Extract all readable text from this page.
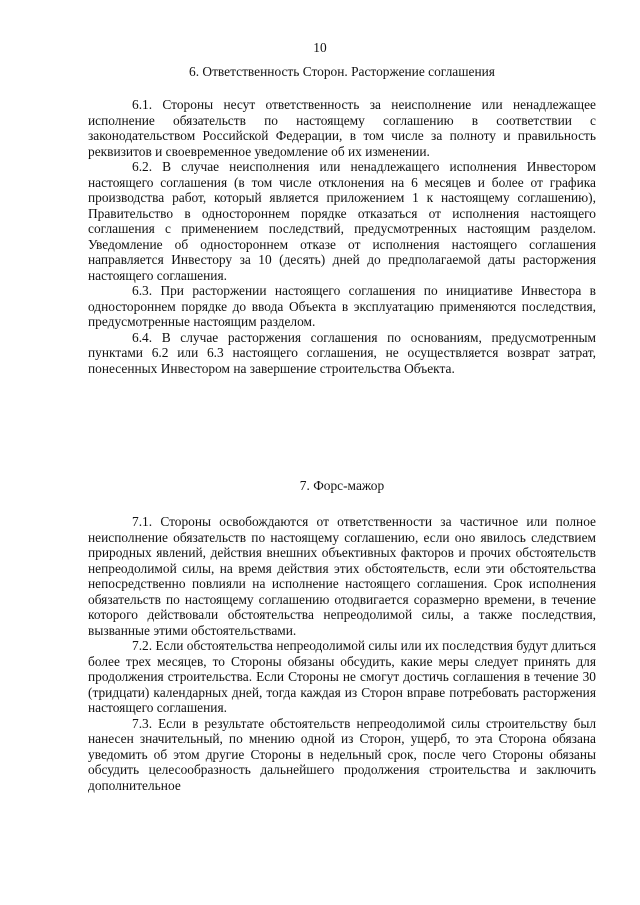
10
6. Ответственность Сторон. Расторжение соглашения

6.1. Стороны несут ответственность за неисполнение или ненадлежащее исполнение обязательств по настоящему соглашению в соответствии с законодательством Российской Федерации, в том числе за полноту и правильность реквизитов и своевременное уведомление об их изменении.

6.2. В случае неисполнения или ненадлежащего исполнения Инвестором настоящего соглашения (в том числе отклонения на 6 месяцев и более от графика производства работ, который является приложением 1 к настоящему соглашению), Правительство в одностороннем порядке отказаться от исполнения настоящего соглашения с применением последствий, предусмотренных настоящим разделом. Уведомление об одностороннем отказе от исполнения настоящего соглашения направляется Инвестору за 10 (десять) дней до предполагаемой даты расторжения настоящего соглашения.

6.3. При расторжении настоящего соглашения по инициативе Инвестора в одностороннем порядке до ввода Объекта в эксплуатацию применяются последствия, предусмотренные настоящим разделом.

6.4. В случае расторжения соглашения по основаниям, предусмотренным пунктами 6.2 или 6.3 настоящего соглашения, не осуществляется возврат затрат, понесенных Инвестором на завершение строительства Объекта.

7. Форс-мажор

7.1. Стороны освобождаются от ответственности за частичное или полное неисполнение обязательств по настоящему соглашению, если оно явилось следствием природных явлений, действия внешних объективных факторов и прочих обстоятельств непреодолимой силы, на время действия этих обстоятельств, если эти обстоятельства непосредственно повлияли на исполнение настоящего соглашения. Срок исполнения обязательств по настоящему соглашению отодвигается соразмерно времени, в течение которого действовали обстоятельства непреодолимой силы, а также последствия, вызванные этими обстоятельствами.

7.2. Если обстоятельства непреодолимой силы или их последствия будут длиться более трех месяцев, то Стороны обязаны обсудить, какие меры следует принять для продолжения строительства. Если Стороны не смогут достичь соглашения в течение 30 (тридцати) календарных дней, тогда каждая из Сторон вправе потребовать расторжения настоящего соглашения.

7.3. Если в результате обстоятельств непреодолимой силы строительству был нанесен значительный, по мнению одной из Сторон, ущерб, то эта Сторона обязана уведомить об этом другие Стороны в недельный срок, после чего Стороны обязаны обсудить целесообразность дальнейшего продолжения строительства и заключить дополнительное
